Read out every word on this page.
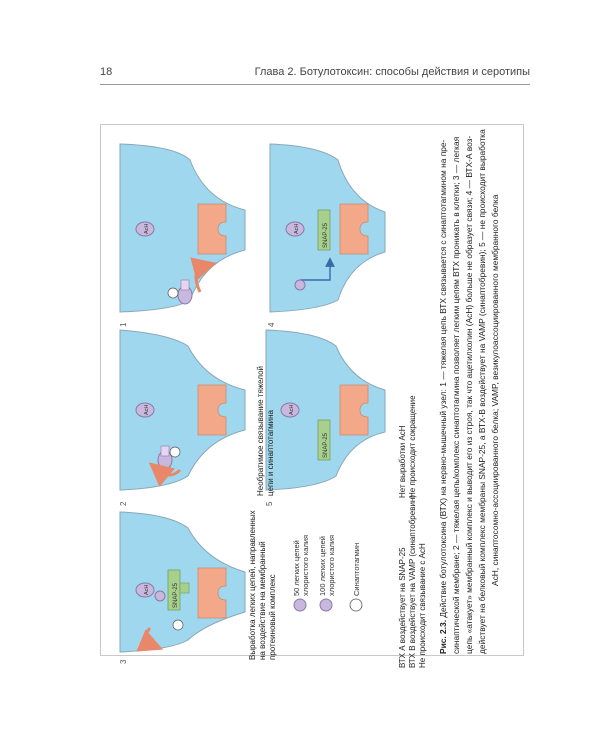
18	Глава 2. Ботулотоксин: способы действия и серотипы
АсН
1
АсН
2
АсН	SNAP-25
3
АсН	SNAP-25
4
АсН
SNAP-25
5
ВТХ А воздействует на SNAP-25 ВТХ В воздействует на VAMP (синаптобревин) Не происходит связывание с АсН
Необратимое связывание тяжелой цепи и синаптотагмина
Выработка легких цепей, направленных на воздействие на мембранный протеиновый комплекс
Нет выработки АсН Не происходит сокращение
50 легких цепей хлористого калия 100 легких цепей хлористого калия Синаптотагмин
Рис. 2.3. Действие ботулотоксина (ВТХ) на нервно-мышечный узел: 1 — тяжелая цепь ВТХ связывается с синаптотагмином на пре- синаптической мембране; 2 — тяжелая цепь/комплекс синаптотагмина позволяет легким цепям ВТХ проникать в клетки; 3 — легкая цепь «атакует» мембранный комплекс и выводит его из строя, так что ацетилхолин (АсН) больше не образует связи; 4 — ВТХ-А воз- действует на белковый комплекс мембраны SNAP-25, а ВТХ-В воздействует на VAMP (синаптобревин); 5 — не происходит выработка АсН, синаптосомно-ассоциированного белка; VAMP, везикулоассоциированного мембранного белка
